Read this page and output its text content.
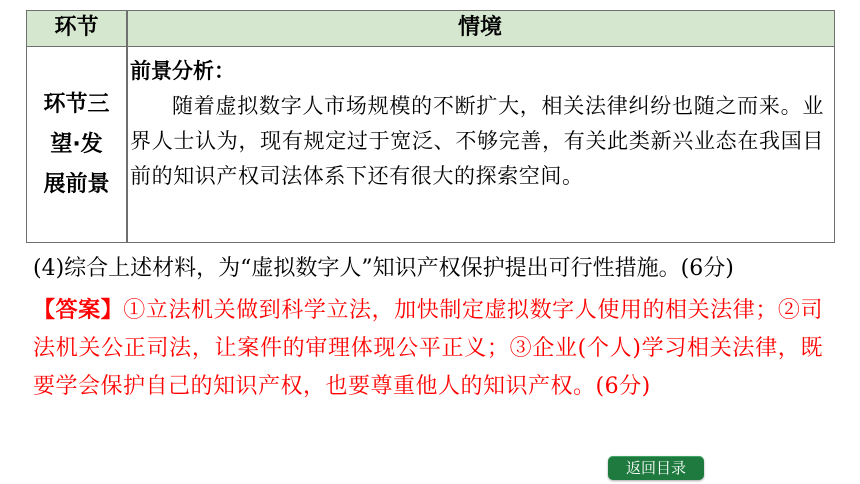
环节	情境
环节三
望·发
展前景
前景分析：
随着虚拟数字人市场规模的不断扩大，相关法律纠纷也随之而来。业界人士认为，现有规定过于宽泛、不够完善，有关此类新兴业态在我国目前的知识产权司法体系下还有很大的探索空间。
(4)综合上述材料，为“虚拟数字人”知识产权保护提出可行性措施。(6分)
【答案】①立法机关做到科学立法，加快制定虚拟数字人使用的相关法律；②司法机关公正司法，让案件的审理体现公平正义；③企业(个人)学习相关法律，既要学会保护自己的知识产权，也要尊重他人的知识产权。(6分)
返回目录
